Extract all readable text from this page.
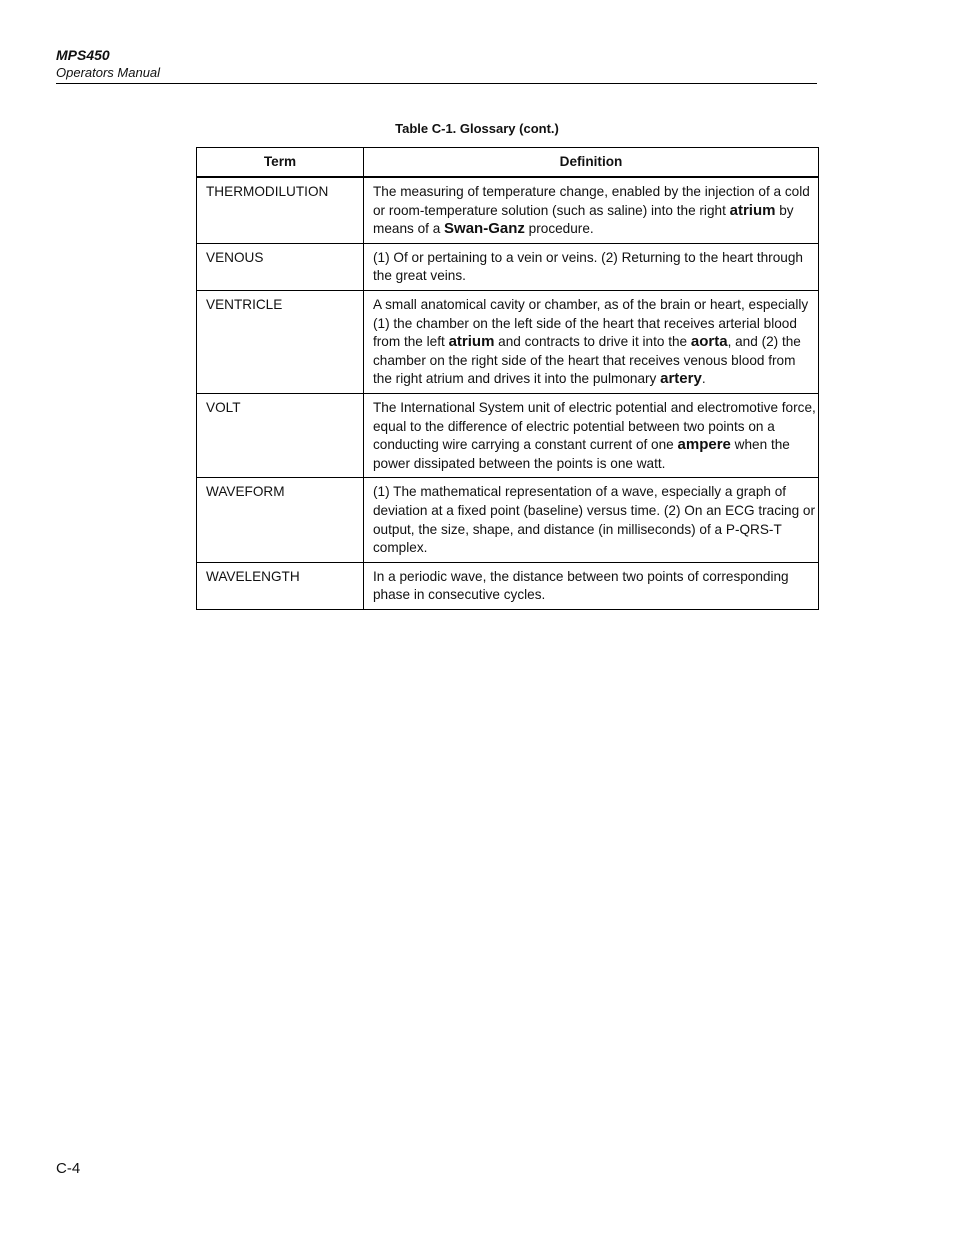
MPS450
Operators Manual
Table C-1. Glossary (cont.)
Term	Definition
THERMODILUTION	The measuring of temperature change, enabled by the injection of a cold or room-temperature solution (such as saline) into the right atrium by means of a Swan-Ganz procedure.
VENOUS	(1) Of or pertaining to a vein or veins. (2) Returning to the heart through the great veins.
VENTRICLE	A small anatomical cavity or chamber, as of the brain or heart, especially (1) the chamber on the left side of the heart that receives arterial blood from the left atrium and contracts to drive it into the aorta, and (2) the chamber on the right side of the heart that receives venous blood from the right atrium and drives it into the pulmonary artery.
VOLT	The International System unit of electric potential and electromotive force, equal to the difference of electric potential between two points on a conducting wire carrying a constant current of one ampere when the power dissipated between the points is one watt.
WAVEFORM	(1) The mathematical representation of a wave, especially a graph of deviation at a fixed point (baseline) versus time. (2) On an ECG tracing or output, the size, shape, and distance (in milliseconds) of a P-QRS-T complex.
WAVELENGTH	In a periodic wave, the distance between two points of corresponding phase in consecutive cycles.
C-4
